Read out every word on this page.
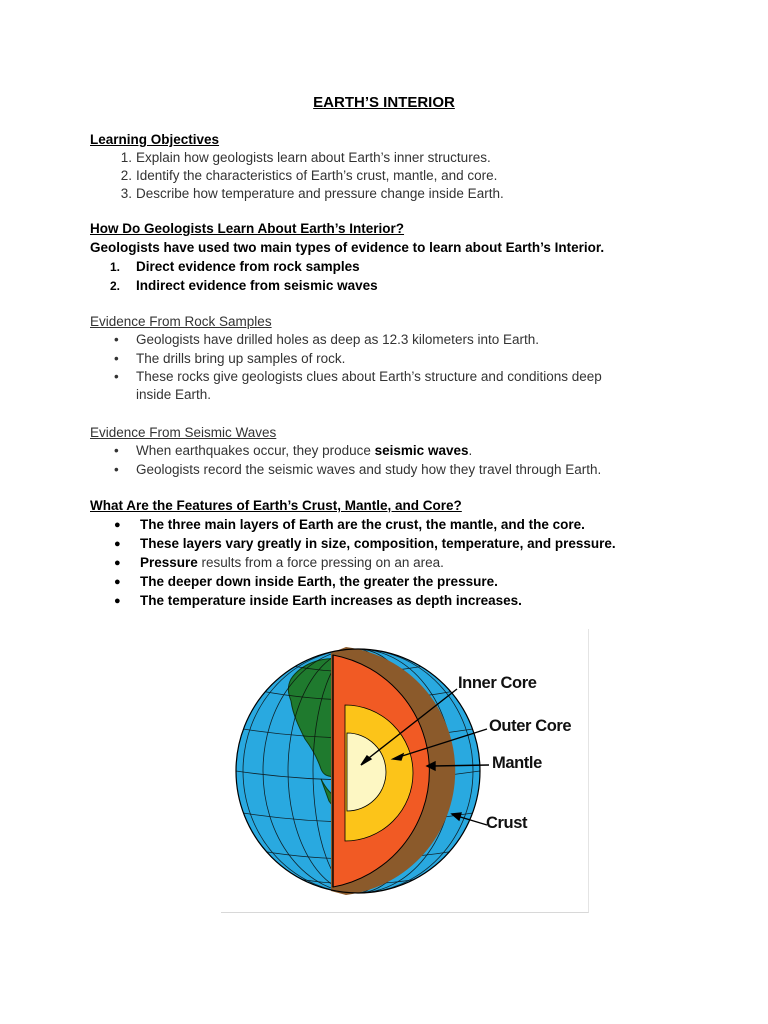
EARTH’S INTERIOR
Learning Objectives
1. Explain how geologists learn about Earth’s inner structures.
2. Identify the characteristics of Earth’s crust, mantle, and core.
3. Describe how temperature and pressure change inside Earth.
How Do Geologists Learn About Earth’s Interior?
Geologists have used two main types of evidence to learn about Earth’s Interior.
1.	Direct evidence from rock samples
2.	Indirect evidence from seismic waves
Evidence From Rock Samples
• Geologists have drilled holes as deep as 12.3 kilometers into Earth.
• The drills bring up samples of rock.
• These rocks give geologists clues about Earth’s structure and conditions deep
inside Earth.
Evidence From Seismic Waves
• When earthquakes occur, they produce seismic waves.
• Geologists record the seismic waves and study how they travel through Earth.
What Are the Features of Earth’s Crust, Mantle, and Core?
● The three main layers of Earth are the crust, the mantle, and the core.
● These layers vary greatly in size, composition, temperature, and pressure.
● Pressure results from a force pressing on an area.
● The deeper down inside Earth, the greater the pressure.
● The temperature inside Earth increases as depth increases.
Inner Core
Outer Core
Mantle
Crust
